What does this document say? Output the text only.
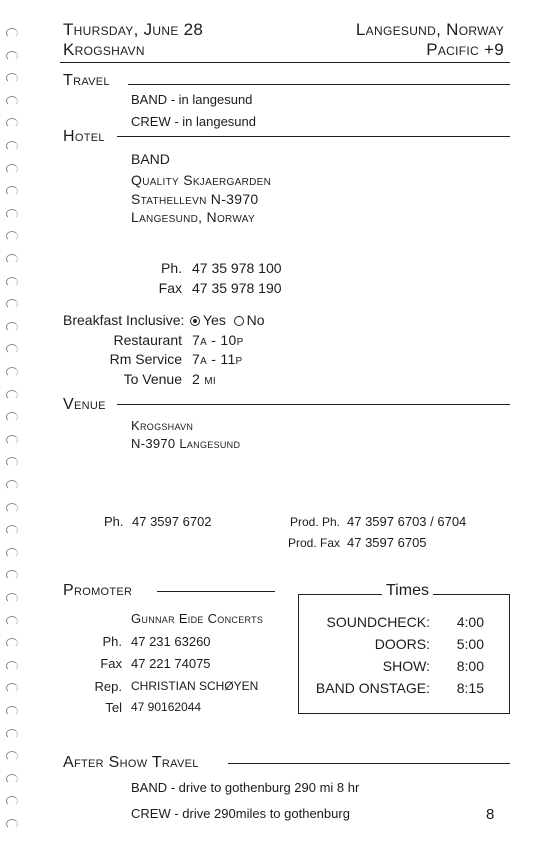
Thursday, June 28
Krogshavn
Langesund, Norway
Pacific +9
Travel
BAND - in langesund
CREW - in langesund
Hotel
BAND
Quality Skjaergarden
Stathellevn N-3970
Langesund, Norway
Ph. 47 35 978 100
Fax 47 35 978 190
Breakfast Inclusive:	Yes No
Restaurant 7a - 10p
Rm Service 7a - 11p
To Venue 2 mi
Venue
Krogshavn
N-3970 Langesund
Ph. 47 3597 6702	Prod. Ph. 47 3597 6703 / 6704
Prod. Fax 47 3597 6705
Promoter
Gunnar Eide Concerts
Ph. 47 231 63260
Fax 47 221 74075
Rep. CHRISTIAN SCHØYEN
Tel 47 90162044
Times
SOUNDCHECK:	4:00
DOORS:	5:00
SHOW:	8:00
BAND ONSTAGE:	8:15
After Show Travel
BAND - drive to gothenburg 290 mi 8 hr
CREW - drive 290miles to gothenburg	8
